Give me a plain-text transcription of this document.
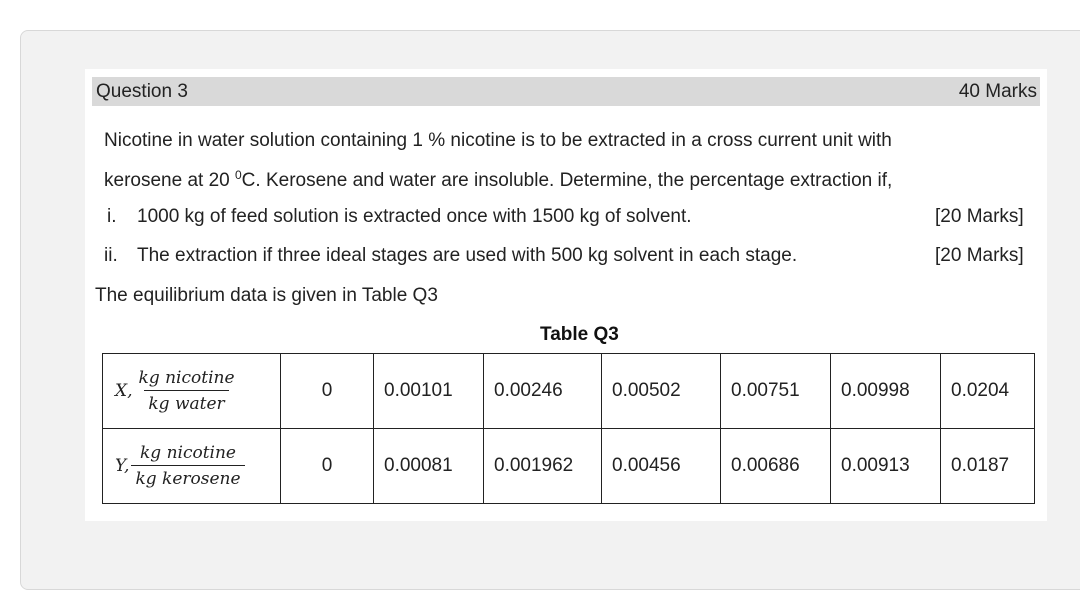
Question 3	40 Marks
Nicotine in water solution containing 1 % nicotine is to be extracted in a cross current unit with
kerosene at 20 $^0$C. Kerosene and water are insoluble. Determine, the percentage extraction if,
i. 1000 kg of feed solution is extracted once with 1500 kg of solvent.	[20 Marks]
ii. The extraction if three ideal stages are used with 500 kg solvent in each stage.	[20 Marks]
The equilibrium data is given in Table Q3
Table Q3
X, $\frac{\text{kg nicotine}}{\text{kg water}}$	0	0.00101	0.00246	0.00502	0.00751	0.00998	0.0204

Y, $\frac{\text{kg nicotine}}{\text{kg kerosene}}$	0	0.00081	0.001962	0.00456	0.00686	0.00913	0.0187
